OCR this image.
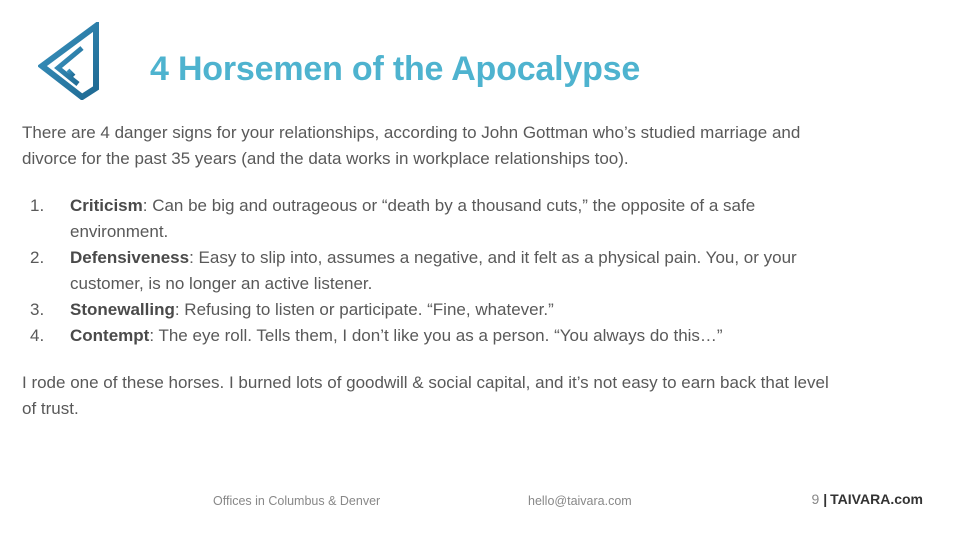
4 Horsemen of the Apocalypse
There are 4 danger signs for your relationships, according to John Gottman who’s studied marriage and divorce for the past 35 years (and the data works in workplace relationships too).
1. Criticism: Can be big and outrageous or “death by a thousand cuts,” the opposite of a safe environment.
2. Defensiveness: Easy to slip into, assumes a negative, and it felt as a physical pain. You, or your customer, is no longer an active listener.
3. Stonewalling: Refusing to listen or participate. “Fine, whatever.”
4. Contempt: The eye roll. Tells them, I don’t like you as a person. “You always do this…”
I rode one of these horses. I burned lots of goodwill & social capital, and it’s not easy to earn back that level of trust.
Offices in Columbus & Denver	hello@taivara.com	9 | TAIVARA.com
